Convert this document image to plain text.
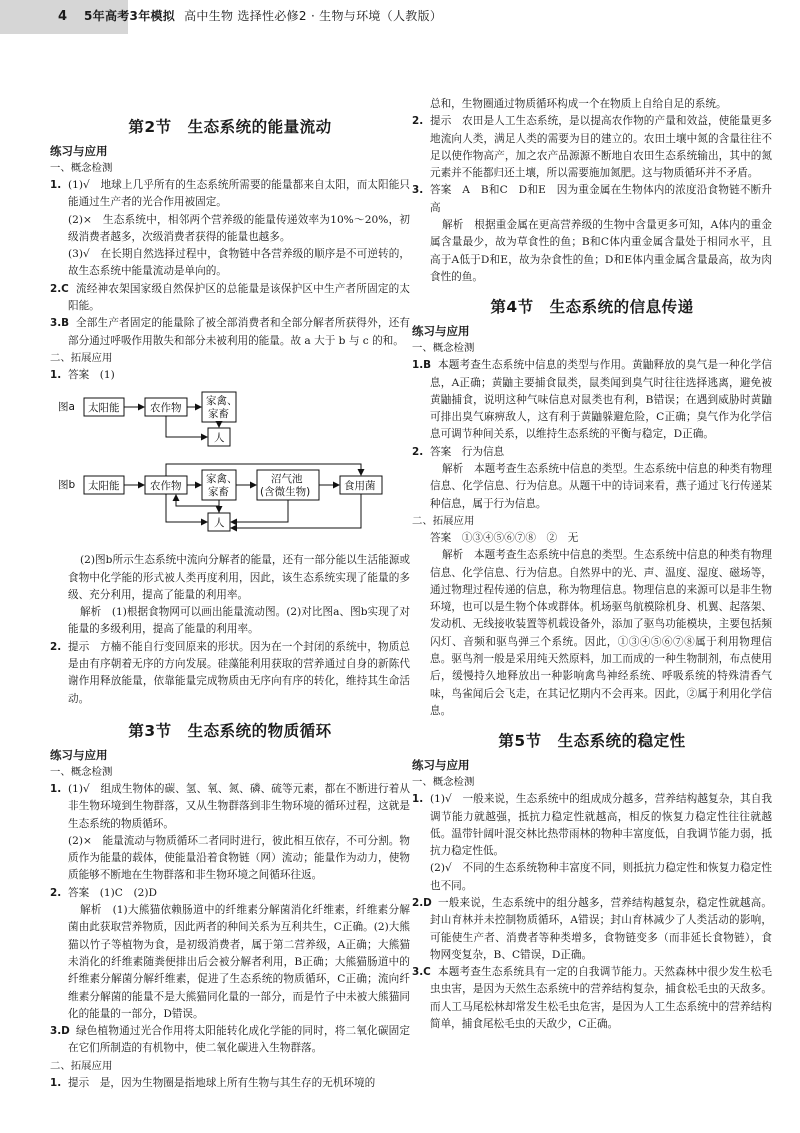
4 5年高考3年模拟 高中生物 选择性必修2 · 生物与环境（人教版）
第2节　生态系统的能量流动
练习与应用
一、概念检测
1. (1)√　地球上几乎所有的生态系统所需要的能量都来自太阳，而太阳能只能通过生产者的光合作用被固定。
(2)×　生态系统中，相邻两个营养级的能量传递效率为10%～20%，初级消费者越多，次级消费者获得的能量也越多。
(3)√　在长期自然选择过程中，食物链中各营养级的顺序是不可逆转的，故生态系统中能量流动是单向的。
2.C 流经神农架国家级自然保护区的总能量是该保护区中生产者所固定的太阳能。
3.B 全部生产者固定的能量除了被全部消费者和全部分解者所获得外，还有部分通过呼吸作用散失和部分未被利用的能量。故 a 大于 b 与 c 的和。
二、拓展应用
1. 答案　(1)
图a 太阳能	农作物
家禽、
家畜
人
图b 太阳能	农作物
家禽、
家畜
沼气池
(含微生物)	食用菌
人
(2)图b所示生态系统中流向分解者的能量，还有一部分能以生活能源或食物中化学能的形式被人类再度利用，因此，该生态系统实现了能量的多级、充分利用，提高了能量的利用率。
解析　(1)根据食物网可以画出能量流动图。(2)对比图a、图b实现了对能量的多级利用，提高了能量的利用率。
2. 提示　方楠不能自行变回原来的形状。因为在一个封闭的系统中，物质总是由有序朝着无序的方向发展。硅藻能利用获取的营养通过自身的新陈代谢作用释放能量，依靠能量完成物质由无序向有序的转化，维持其生命活动。
第3节　生态系统的物质循环
练习与应用
一、概念检测
1. (1)√　组成生物体的碳、氢、氧、氮、磷、硫等元素，都在不断进行着从非生物环境到生物群落，又从生物群落到非生物环境的循环过程，这就是生态系统的物质循环。
(2)×　能量流动与物质循环二者同时进行，彼此相互依存，不可分割。物质作为能量的载体，使能量沿着食物链（网）流动；能量作为动力，使物质能够不断地在生物群落和非生物环境之间循环往返。
2. 答案　(1)C　(2)D
解析　(1)大熊猫依赖肠道中的纤维素分解菌消化纤维素，纤维素分解菌由此获取营养物质，因此两者的种间关系为互利共生，C正确。(2)大熊猫以竹子等植物为食，是初级消费者，属于第二营养级，A正确；大熊猫未消化的纤维素随粪便排出后会被分解者利用，B正确；大熊猫肠道中的纤维素分解菌分解纤维素，促进了生态系统的物质循环，C正确；流向纤维素分解菌的能量不是大熊猫同化量的一部分，而是竹子中未被大熊猫同化的能量的一部分，D错误。
3.D 绿色植物通过光合作用将太阳能转化成化学能的同时，将二氧化碳固定在它们所制造的有机物中，使二氧化碳进入生物群落。
二、拓展应用
1. 提示　是，因为生物圈是指地球上所有生物与其生存的无机环境的
总和，生物圈通过物质循环构成一个在物质上自给自足的系统。
2. 提示　农田是人工生态系统，是以提高农作物的产量和效益，使能量更多地流向人类，满足人类的需要为目的建立的。农田土壤中氮的含量往往不足以使作物高产，加之农产品源源不断地自农田生态系统输出，其中的氮元素并不能都归还土壤，所以需要施加氮肥。这与物质循环并不矛盾。
3. 答案　A　B和C　D和E　因为重金属在生物体内的浓度沿食物链不断升高
解析　根据重金属在更高营养级的生物中含量更多可知，A体内的重金属含量最少，故为草食性的鱼；B和C体内重金属含量处于相同水平，且高于A低于D和E，故为杂食性的鱼；D和E体内重金属含量最高，故为肉食性的鱼。
第4节　生态系统的信息传递
练习与应用
一、概念检测
1.B 本题考查生态系统中信息的类型与作用。黄鼬释放的臭气是一种化学信息，A正确；黄鼬主要捕食鼠类，鼠类闻到臭气时往往选择逃离，避免被黄鼬捕食，说明这种气味信息对鼠类也有利，B错误；在遇到威胁时黄鼬可排出臭气麻痹敌人，这有利于黄鼬躲避危险，C正确；臭气作为化学信息可调节种间关系，以维持生态系统的平衡与稳定，D正确。
2. 答案　行为信息
解析　本题考查生态系统中信息的类型。生态系统中信息的种类有物理信息、化学信息、行为信息。从题干中的诗词来看，燕子通过飞行传递某种信息，属于行为信息。
二、拓展应用
答案　①③④⑤⑥⑦⑧　②　无
解析　本题考查生态系统中信息的类型。生态系统中信息的种类有物理信息、化学信息、行为信息。自然界中的光、声、温度、湿度、磁场等，通过物理过程传递的信息，称为物理信息。物理信息的来源可以是非生物环境，也可以是生物个体或群体。机场驱鸟航模除机身、机翼、起落架、发动机、无线接收装置等机载设备外，添加了驱鸟功能模块，主要包括频闪灯、音频和驱鸟弹三个系统。因此，①③④⑤⑥⑦⑧属于利用物理信息。驱鸟剂一般是采用纯天然原料，加工而成的一种生物制剂，布点使用后，缓慢持久地释放出一种影响禽鸟神经系统、呼吸系统的特殊清香气味，鸟雀闻后会飞走，在其记忆期内不会再来。因此，②属于利用化学信息。
第5节　生态系统的稳定性
练习与应用
一、概念检测
1. (1)√　一般来说，生态系统中的组成成分越多，营养结构越复杂，其自我调节能力就越强，抵抗力稳定性就越高，相反的恢复力稳定性往往就越低。温带针阔叶混交林比热带雨林的物种丰富度低，自我调节能力弱，抵抗力稳定性低。
(2)√　不同的生态系统物种丰富度不同，则抵抗力稳定性和恢复力稳定性也不同。
2.D 一般来说，生态系统中的组分越多，营养结构越复杂，稳定性就越高。封山育林并未控制物质循环，A错误；封山育林减少了人类活动的影响，可能使生产者、消费者等种类增多，食物链变多（而非延长食物链），食物网变复杂，B、C错误，D正确。
3.C 本题考查生态系统具有一定的自我调节能力。天然森林中很少发生松毛虫虫害，是因为天然生态系统中的营养结构复杂，捕食松毛虫的天敌多。而人工马尾松林却常发生松毛虫危害，是因为人工生态系统中的营养结构简单，捕食尾松毛虫的天敌少，C正确。
